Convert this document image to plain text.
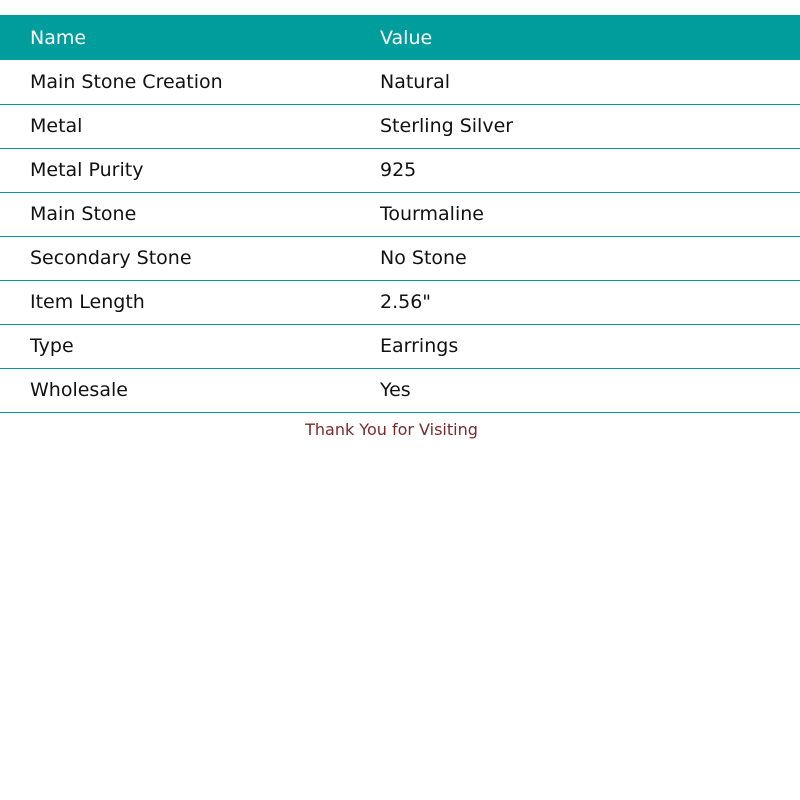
Name	Value
Main Stone Creation	Natural
Metal	Sterling Silver
Metal Purity	925
Main Stone	Tourmaline
Secondary Stone	No Stone
Item Length	2.56"
Type	Earrings
Wholesale	Yes
Thank You for Visiting
